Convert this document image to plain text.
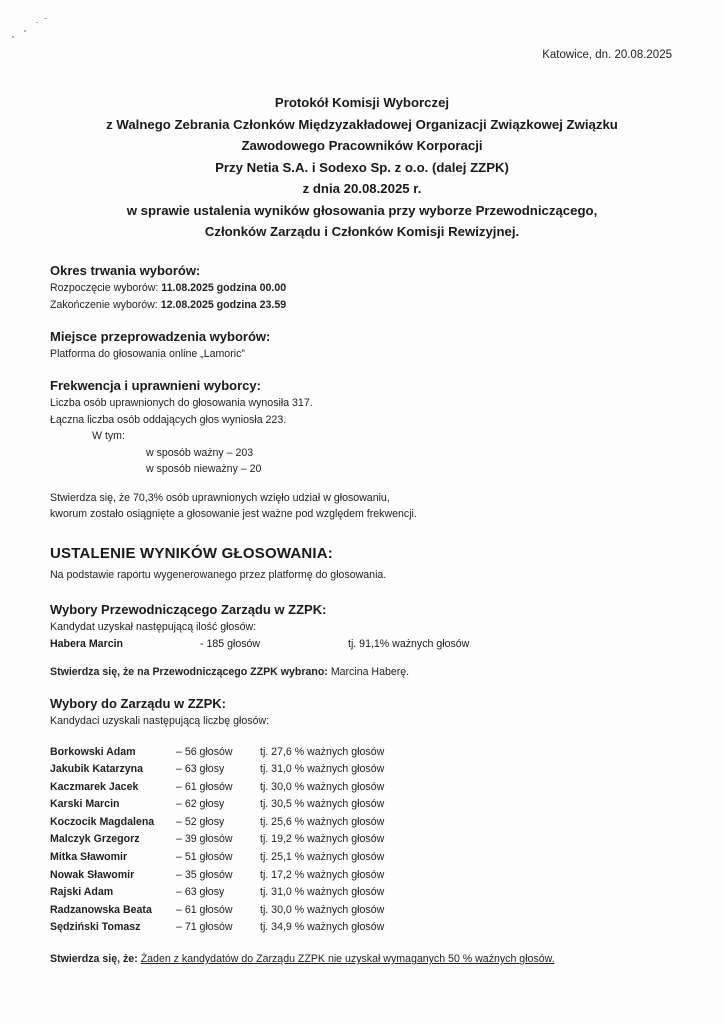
Katowice, dn. 20.08.2025
Protokół Komisji Wyborczej
z Walnego Zebrania Członków Międzyzakładowej Organizacji Związkowej Związku
Zawodowego Pracowników Korporacji
Przy Netia S.A. i Sodexo Sp. z o.o. (dalej ZZPK)
z dnia 20.08.2025 r.
w sprawie ustalenia wyników głosowania przy wyborze Przewodniczącego,
Członków Zarządu i Członków Komisji Rewizyjnej.
Okres trwania wyborów:
Rozpoczęcie wyborów: 11.08.2025 godzina 00.00
Zakończenie wyborów: 12.08.2025 godzina 23.59
Miejsce przeprowadzenia wyborów:
Platforma do głosowania online „Lamoric”
Frekwencja i uprawnieni wyborcy:
Liczba osób uprawnionych do głosowania wynosiła 317.
Łączna liczba osób oddających głos wyniosła 223.
W tym:
w sposób ważny – 203
w sposób nieważny – 20
Stwierdza się, że 70,3% osób uprawnionych wzięło udział w głosowaniu,
kworum zostało osiągnięte a głosowanie jest ważne pod względem frekwencji.
USTALENIE WYNIKÓW GŁOSOWANIA:
Na podstawie raportu wygenerowanego przez platformę do głosowania.
Wybory Przewodniczącego Zarządu w ZZPK:
Kandydat uzyskał następującą ilość głosów:
Habera Marcin	- 185 głosów	tj. 91,1% ważnych głosów
Stwierdza się, że na Przewodniczącego ZZPK wybrano: Marcina Haberę.
Wybory do Zarządu w ZZPK:
Kandydaci uzyskali następującą liczbę głosów:
Borkowski Adam	– 56 głosów	tj. 27,6 % ważnych głosów
Jakubik Katarzyna	– 63 głosy	tj. 31,0 % ważnych głosów
Kaczmarek Jacek	– 61 głosów	tj. 30,0 % ważnych głosów
Karski Marcin	– 62 głosy	tj. 30,5 % ważnych głosów
Koczocik Magdalena	– 52 głosy	tj. 25,6 % ważnych głosów
Malczyk Grzegorz	– 39 głosów	tj. 19,2 % ważnych głosów
Mitka Sławomir	– 51 głosów	tj. 25,1 % ważnych głosów
Nowak Sławomir	– 35 głosów	tj. 17,2 % ważnych głosów
Rajski Adam	– 63 głosy	tj. 31,0 % ważnych głosów
Radzanowska Beata	– 61 głosów	tj. 30,0 % ważnych głosów
Sędziński Tomasz	– 71 głosów	tj. 34,9 % ważnych głosów
Stwierdza się, że: Żaden z kandydatów do Zarządu ZZPK nie uzyskał wymaganych 50 % ważnych głosów.
